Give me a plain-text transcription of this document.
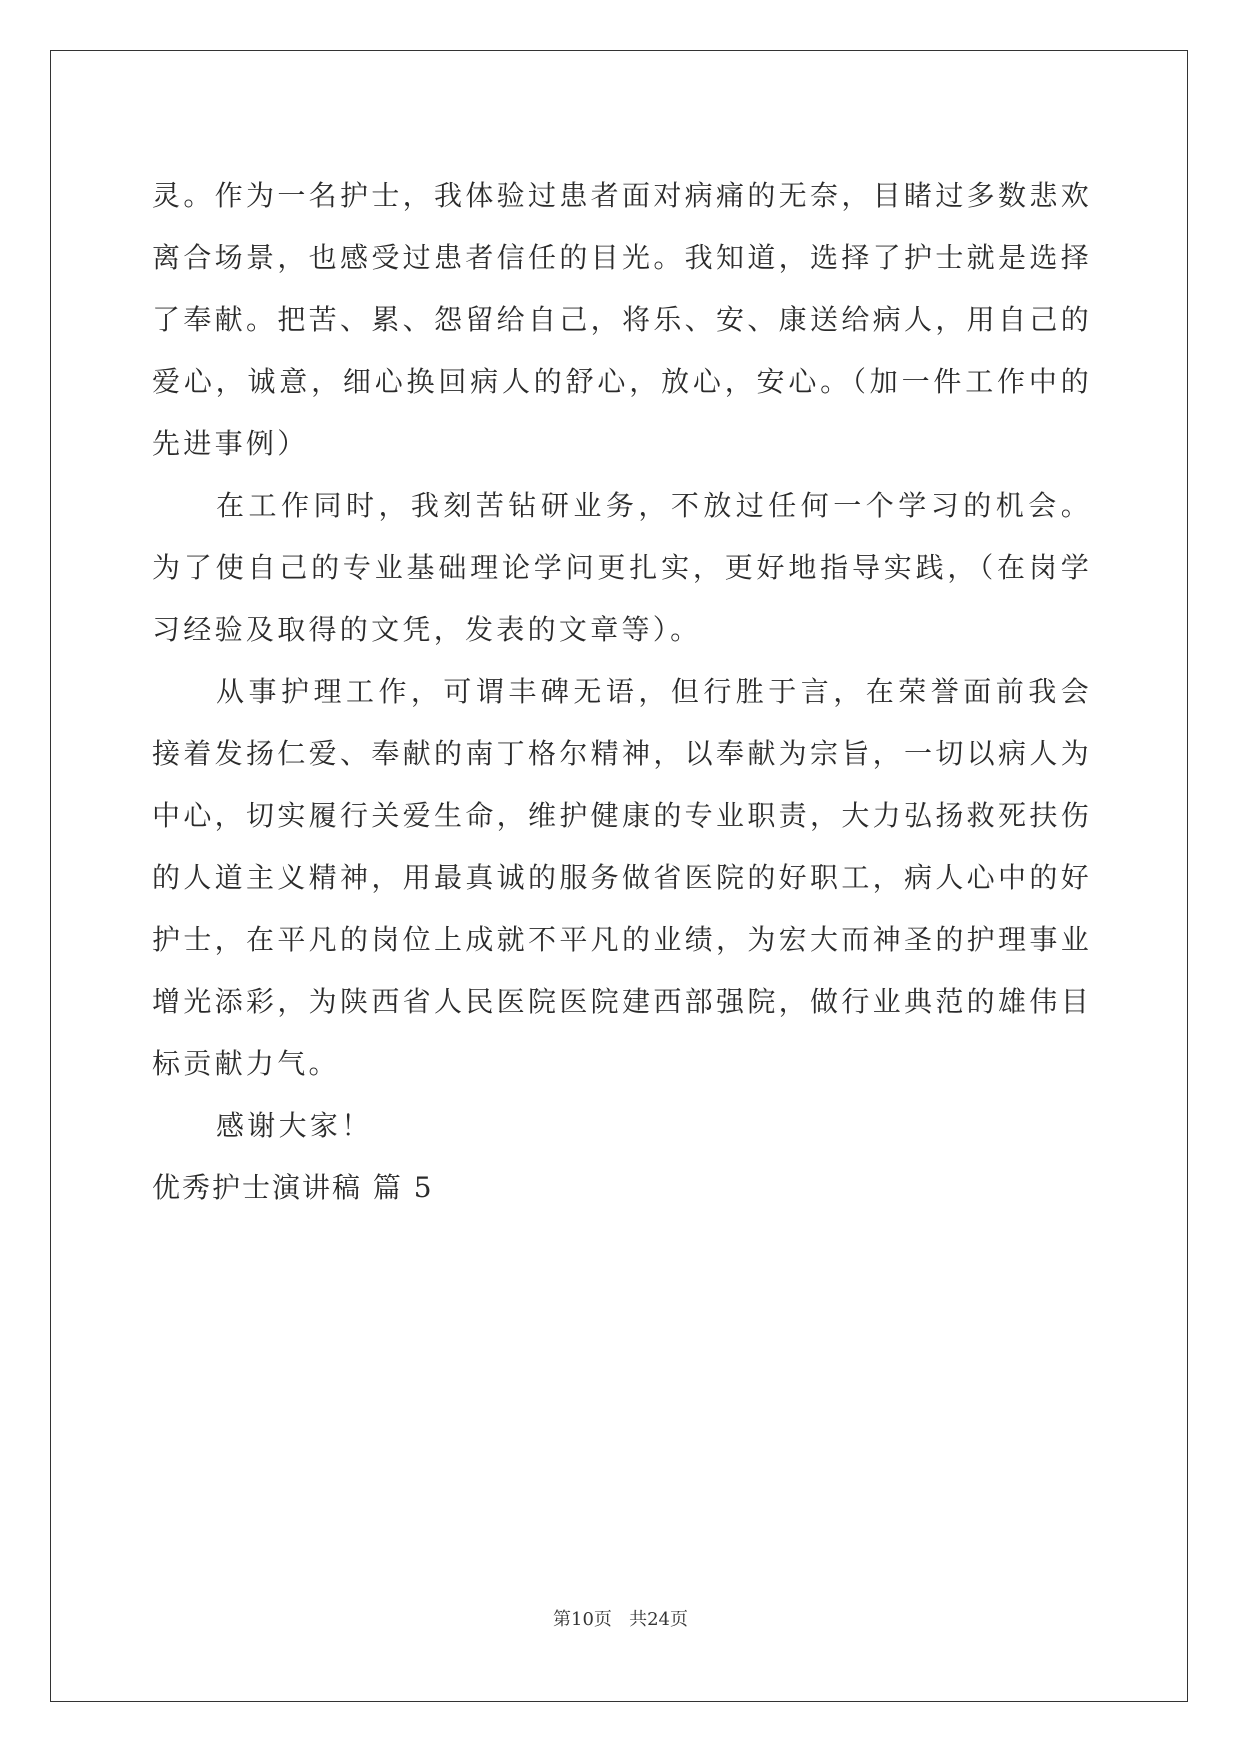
灵。作为一名护士，我体验过患者面对病痛的无奈，目睹过多数悲欢离合场景，也感受过患者信任的目光。我知道，选择了护士就是选择了奉献。把苦、累、怨留给自己，将乐、安、康送给病人，用自己的爱心，诚意，细心换回病人的舒心，放心，安心。（加一件工作中的先进事例）

在工作同时，我刻苦钻研业务，不放过任何一个学习的机会。为了使自己的专业基础理论学问更扎实，更好地指导实践，（在岗学习经验及取得的文凭，发表的文章等）。

从事护理工作，可谓丰碑无语，但行胜于言，在荣誉面前我会接着发扬仁爱、奉献的南丁格尔精神，以奉献为宗旨，一切以病人为中心，切实履行关爱生命，维护健康的专业职责，大力弘扬救死扶伤的人道主义精神，用最真诚的服务做省医院的好职工，病人心中的好护士，在平凡的岗位上成就不平凡的业绩，为宏大而神圣的护理事业增光添彩，为陕西省人民医院医院建西部强院，做行业典范的雄伟目标贡献力气。

感谢大家！

优秀护士演讲稿 篇 5
第10页 共24页
